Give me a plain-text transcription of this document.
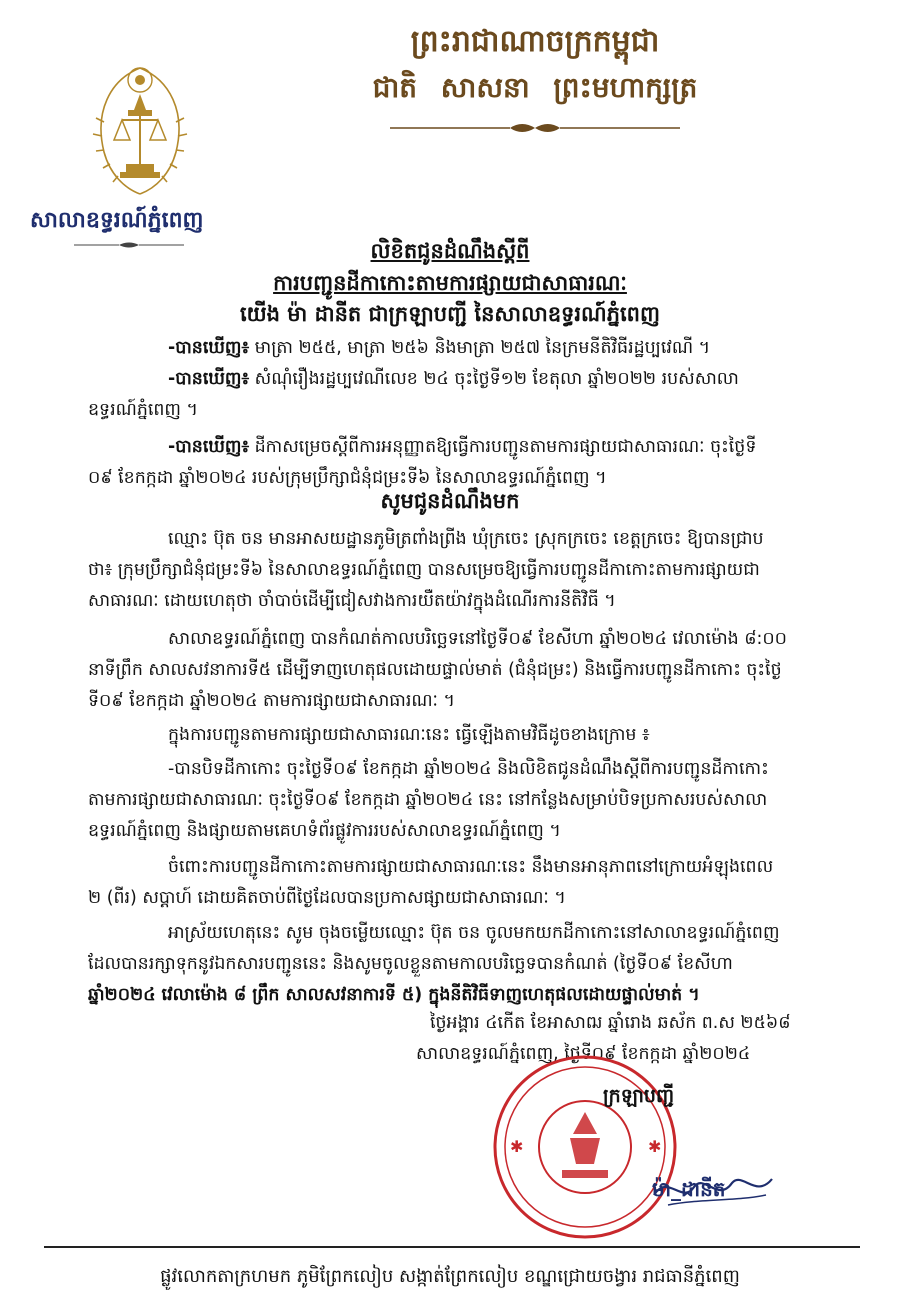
ព្រះរាជាណាចក្រកម្ពុជា
ជាតិ សាសនា ព្រះមហាក្សត្រ
សាលាឧទ្ធរណ៍ភ្នំពេញ
លិខិតជូនដំណឹងស្តីពី
ការបញ្ជូនដីកាកោះតាមការផ្សាយជាសាធារណៈ
យើង ម៉ា ដានីត ជាក្រឡាបញ្ជី នៃសាលាឧទ្ធរណ៍ភ្នំពេញ
-បានឃើញ៖ មាត្រា ២៥៥, មាត្រា ២៥៦ និងមាត្រា ២៥៧ នៃក្រមនីតិវិធីរដ្ឋប្បវេណី ។
-បានឃើញ៖ សំណុំរឿងរដ្ឋប្បវេណីលេខ ២៤ ចុះថ្ងៃទី១២ ខែតុលា ឆ្នាំ២០២២ របស់សាលា
ឧទ្ធរណ៍ភ្នំពេញ ។
-បានឃើញ៖ ដីកាសម្រេចស្តីពីការអនុញ្ញាតឱ្យធ្វើការបញ្ជូនតាមការផ្សាយជាសាធារណៈ ចុះថ្ងៃទី
០៩ ខែកក្កដា ឆ្នាំ២០២៤ របស់ក្រុមប្រឹក្សាជំនុំជម្រះទី៦ នៃសាលាឧទ្ធរណ៍ភ្នំពេញ ។
សូមជូនដំណឹងមក
ឈ្មោះ ប៊ុត ចន មានអាសយដ្ឋានភូមិត្រពាំងព្រីង ឃុំក្រចេះ ស្រុកក្រចេះ ខេត្តក្រចេះ ឱ្យបានជ្រាប
ថា៖ ក្រុមប្រឹក្សាជំនុំជម្រះទី៦ នៃសាលាឧទ្ធរណ៍ភ្នំពេញ បានសម្រេចឱ្យធ្វើការបញ្ជូនដីកាកោះតាមការផ្សាយជា
សាធារណៈ ដោយហេតុថា ចាំបាច់ដើម្បីជៀសវាងការយឺតយ៉ាវក្នុងដំណើរការនីតិវិធី ។
សាលាឧទ្ធរណ៍ភ្នំពេញ បានកំណត់កាលបរិច្ឆេទនៅថ្ងៃទី០៩ ខែសីហា ឆ្នាំ២០២៤ វេលាម៉ោង ៨:០០
នាទីព្រឹក សាលសវនាការទី៥ ដើម្បីទាញហេតុផលដោយផ្ទាល់មាត់ (ជំនុំជម្រះ) និងធ្វើការបញ្ជូនដីកាកោះ ចុះថ្ងៃ
ទី០៩ ខែកក្កដា ឆ្នាំ២០២៤ តាមការផ្សាយជាសាធារណៈ ។
ក្នុងការបញ្ជូនតាមការផ្សាយជាសាធារណៈនេះ ធ្វើឡើងតាមវិធីដូចខាងក្រោម ៖
-បានបិទដីកាកោះ ចុះថ្ងៃទី០៩ ខែកក្កដា ឆ្នាំ២០២៤ និងលិខិតជូនដំណឹងស្តីពីការបញ្ជូនដីកាកោះ
តាមការផ្សាយជាសាធារណៈ ចុះថ្ងៃទី០៩ ខែកក្កដា ឆ្នាំ២០២៤ នេះ នៅកន្លែងសម្រាប់បិទប្រកាសរបស់សាលា
ឧទ្ធរណ៍ភ្នំពេញ និងផ្សាយតាមគេហទំព័រផ្លូវការរបស់សាលាឧទ្ធរណ៍ភ្នំពេញ ។
ចំពោះការបញ្ជូនដីកាកោះតាមការផ្សាយជាសាធារណៈនេះ នឹងមានអានុភាពនៅក្រោយអំឡុងពេល
២ (ពីរ) សប្តាហ៍ ដោយគិតចាប់ពីថ្ងៃដែលបានប្រកាសផ្សាយជាសាធារណៈ ។
អាស្រ័យហេតុនេះ សូម ចុងចម្លើយឈ្មោះ ប៊ុត ចន ចូលមកយកដីកាកោះនៅសាលាឧទ្ធរណ៍ភ្នំពេញ
ដែលបានរក្សាទុកនូវឯកសារបញ្ជូននេះ និងសូមចូលខ្លួនតាមកាលបរិច្ឆេទបានកំណត់ (ថ្ងៃទី០៩ ខែសីហា
ឆ្នាំ២០២៤ វេលាម៉ោង ៨ ព្រឹក សាលសវនាការទី ៥) ក្នុងនីតិវិធីទាញហេតុផលដោយផ្ទាល់មាត់ ។
ថ្ងៃអង្គារ ៤កើត ខែអាសាឍ ឆ្នាំរោង ឆស័ក ព.ស ២៥៦៨
សាលាឧទ្ធរណ៍ភ្នំពេញ, ថ្ងៃទី០៩ ខែកក្កដា ឆ្នាំ២០២៤
✱	✱
ក្រឡាបញ្ជី
ម៉ា_ដានីត
ផ្លូវលោកតាក្រហមក ភូមិព្រែកលៀប សង្កាត់ព្រែកលៀប ខណ្ឌជ្រោយចង្វារ រាជធានីភ្នំពេញ
